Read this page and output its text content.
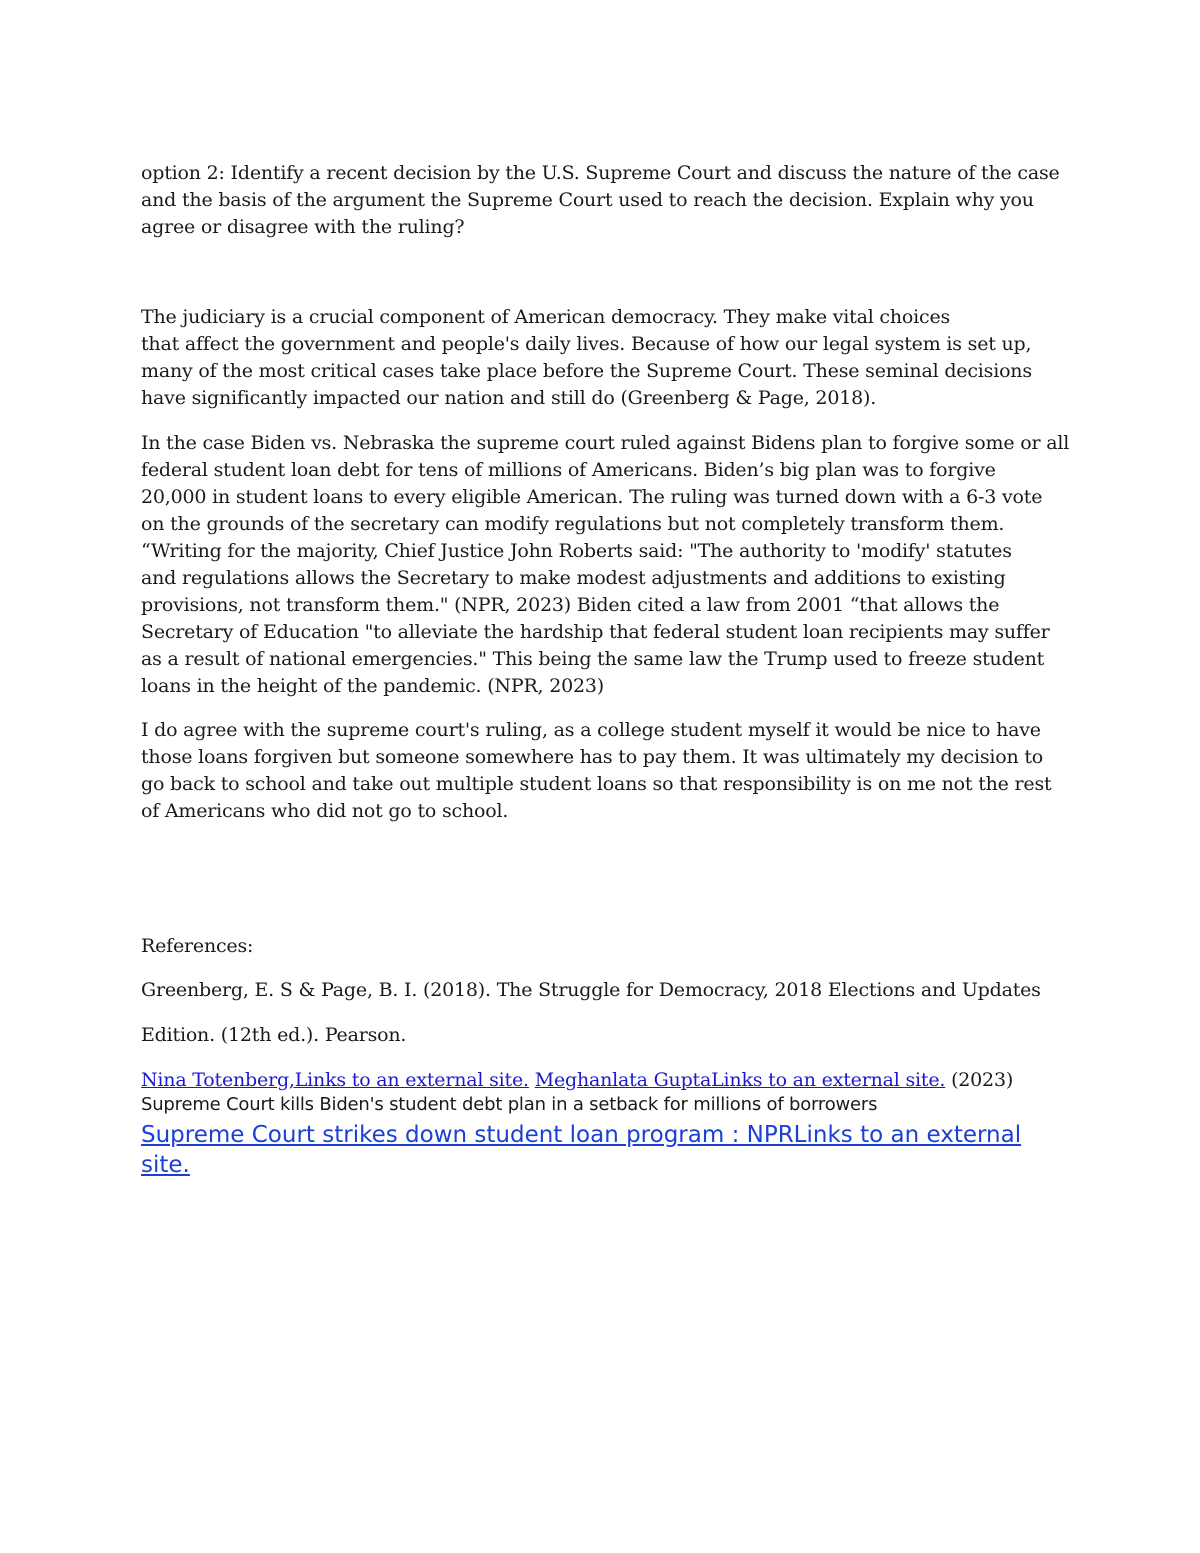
option 2: Identify a recent decision by the U.S. Supreme Court and discuss the nature of the case
and the basis of the argument the Supreme Court used to reach the decision. Explain why you
agree or disagree with the ruling?
The judiciary is a crucial component of American democracy. They make vital choices
that affect the government and people's daily lives. Because of how our legal system is set up,
many of the most critical cases take place before the Supreme Court. These seminal decisions
have significantly impacted our nation and still do (Greenberg & Page, 2018).
In the case Biden vs. Nebraska the supreme court ruled against Bidens plan to forgive some or all
federal student loan debt for tens of millions of Americans. Biden’s big plan was to forgive
20,000 in student loans to every eligible American. The ruling was turned down with a 6-3 vote
on the grounds of the secretary can modify regulations but not completely transform them.
“Writing for the majority, Chief Justice John Roberts said: "The authority to 'modify' statutes
and regulations allows the Secretary to make modest adjustments and additions to existing
provisions, not transform them." (NPR, 2023) Biden cited a law from 2001 “that allows the
Secretary of Education "to alleviate the hardship that federal student loan recipients may suffer
as a result of national emergencies." This being the same law the Trump used to freeze student
loans in the height of the pandemic. (NPR, 2023)
I do agree with the supreme court's ruling, as a college student myself it would be nice to have
those loans forgiven but someone somewhere has to pay them. It was ultimately my decision to
go back to school and take out multiple student loans so that responsibility is on me not the rest
of Americans who did not go to school.
References:
Greenberg, E. S & Page, B. I. (2018). The Struggle for Democracy, 2018 Elections and Updates
Edition. (12th ed.). Pearson.
Nina Totenberg,Links to an external site. Meghanlata GuptaLinks to an external site. (2023)
Supreme Court kills Biden's student debt plan in a setback for millions of borrowers
Supreme Court strikes down student loan program : NPRLinks to an external
site.
